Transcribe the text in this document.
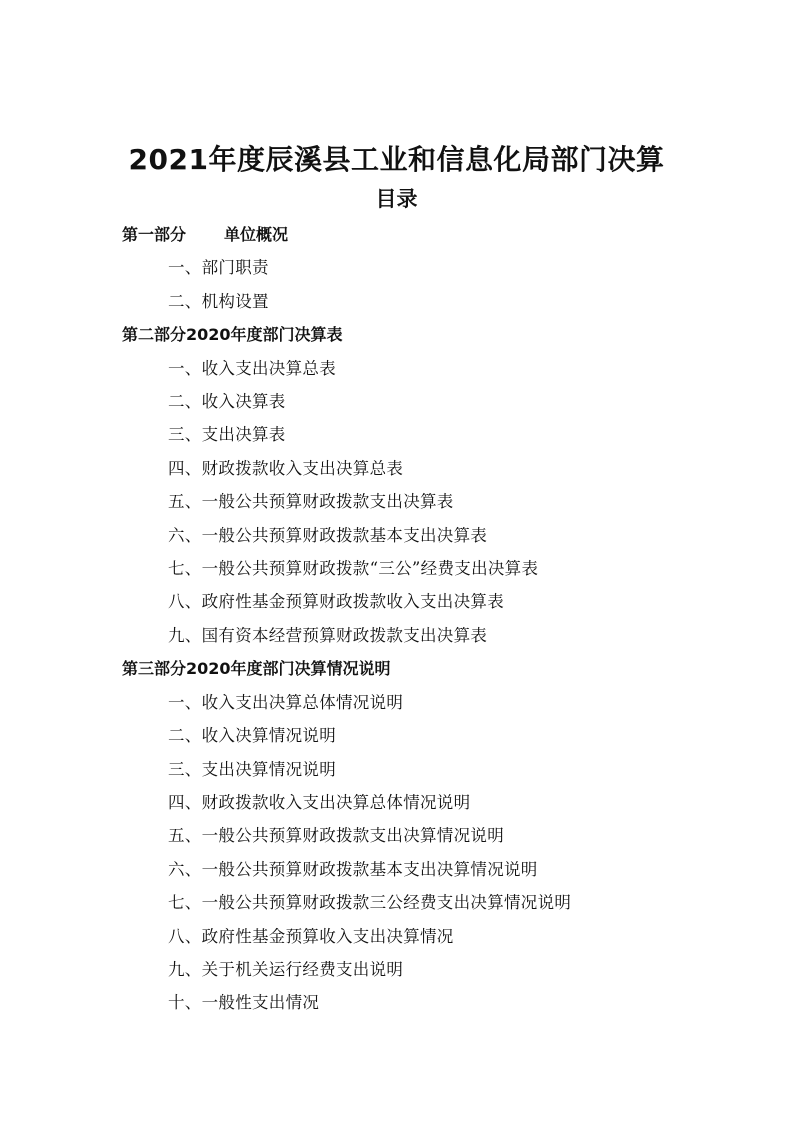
2021年度辰溪县工业和信息化局部门决算
目录
第一部分 单位概况
一、部门职责
二、机构设置
第二部分2020年度部门决算表
一、收入支出决算总表
二、收入决算表
三、支出决算表
四、财政拨款收入支出决算总表
五、一般公共预算财政拨款支出决算表
六、一般公共预算财政拨款基本支出决算表
七、一般公共预算财政拨款“三公”经费支出决算表
八、政府性基金预算财政拨款收入支出决算表
九、国有资本经营预算财政拨款支出决算表
第三部分2020年度部门决算情况说明
一、收入支出决算总体情况说明
二、收入决算情况说明
三、支出决算情况说明
四、财政拨款收入支出决算总体情况说明
五、一般公共预算财政拨款支出决算情况说明
六、一般公共预算财政拨款基本支出决算情况说明
七、一般公共预算财政拨款三公经费支出决算情况说明
八、政府性基金预算收入支出决算情况
九、关于机关运行经费支出说明
十、一般性支出情况
